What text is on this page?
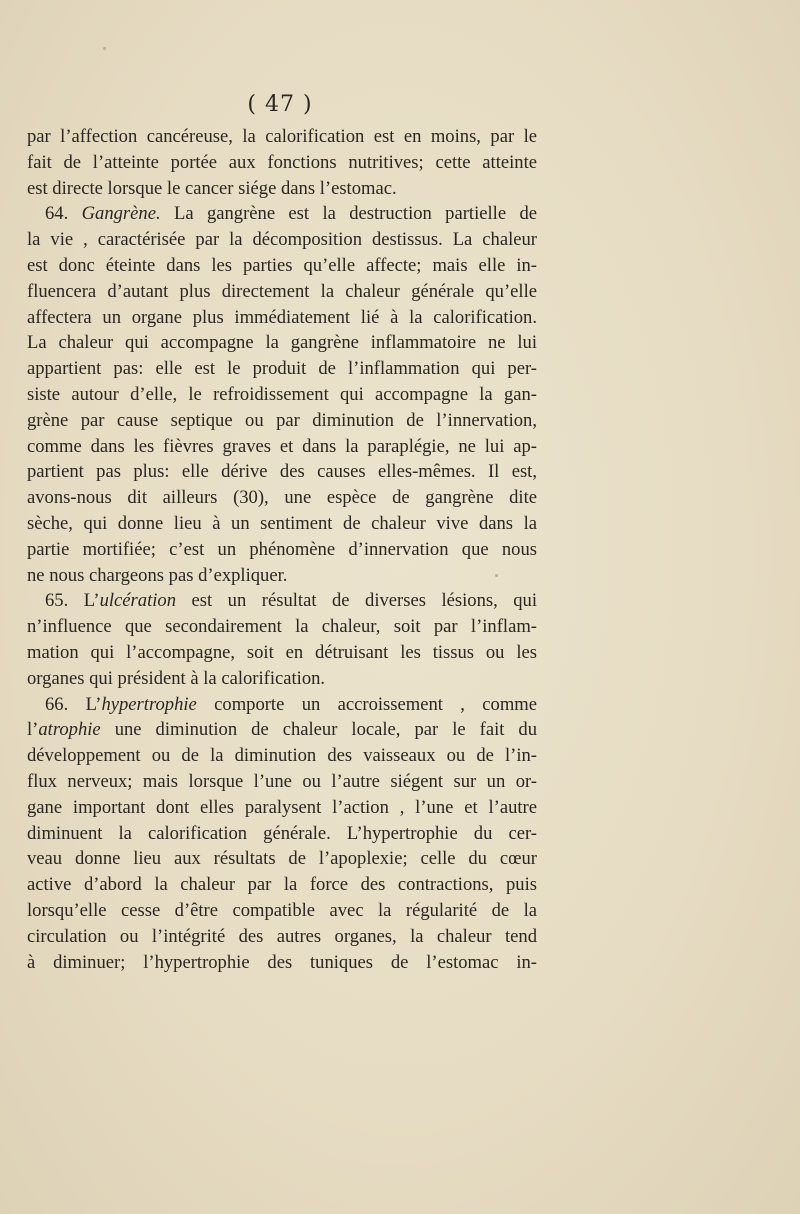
( 47 )
par l’affection cancéreuse, la calorification est en moins, par le
fait de l’atteinte portée aux fonctions nutritives; cette atteinte
est directe lorsque le cancer siége dans l’estomac.
64. Gangrène. La gangrène est la destruction partielle de
la vie , caractérisée par la décomposition destissus. La chaleur
est donc éteinte dans les parties qu’elle affecte; mais elle in-
fluencera d’autant plus directement la chaleur générale qu’elle
affectera un organe plus immédiatement lié à la calorification.
La chaleur qui accompagne la gangrène inflammatoire ne lui
appartient pas: elle est le produit de l’inflammation qui per-
siste autour d’elle, le refroidissement qui accompagne la gan-
grène par cause septique ou par diminution de l’innervation,
comme dans les fièvres graves et dans la paraplégie, ne lui ap-
partient pas plus: elle dérive des causes elles-mêmes. Il est,
avons-nous dit ailleurs (30), une espèce de gangrène dite
sèche, qui donne lieu à un sentiment de chaleur vive dans la
partie mortifiée; c’est un phénomène d’innervation que nous
ne nous chargeons pas d’expliquer.
65. L’ulcération est un résultat de diverses lésions, qui
n’influence que secondairement la chaleur, soit par l’inflam-
mation qui l’accompagne, soit en détruisant les tissus ou les
organes qui président à la calorification.
66. L’hypertrophie comporte un accroissement , comme
l’atrophie une diminution de chaleur locale, par le fait du
développement ou de la diminution des vaisseaux ou de l’in-
flux nerveux; mais lorsque l’une ou l’autre siégent sur un or-
gane important dont elles paralysent l’action , l’une et l’autre
diminuent la calorification générale. L’hypertrophie du cer-
veau donne lieu aux résultats de l’apoplexie; celle du cœur
active d’abord la chaleur par la force des contractions, puis
lorsqu’elle cesse d’être compatible avec la régularité de la
circulation ou l’intégrité des autres organes, la chaleur tend
à diminuer; l’hypertrophie des tuniques de l’estomac in-
